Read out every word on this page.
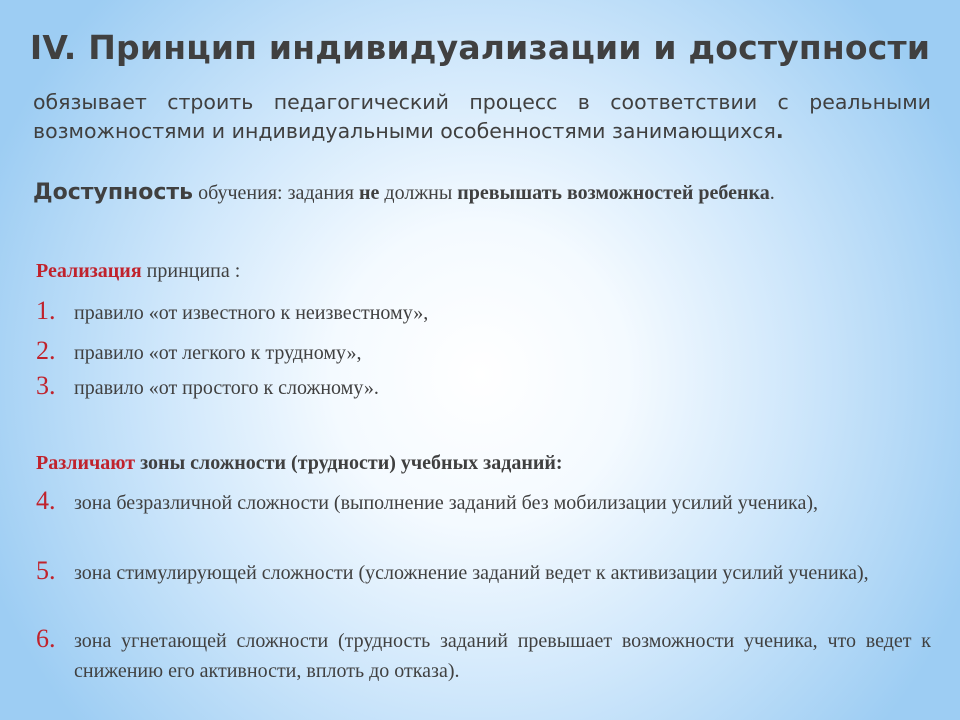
IV. Принцип индивидуализации и доступности
обязывает строить педагогический процесс в соответствии с реальными возможностями и индивидуальными особенностями занимающихся.
Доступность обучения: задания не должны превышать возможностей ребенка.
Реализация принципа :
1. правило «от известного к неизвестному»,
2. правило «от легкого к трудному»,
3. правило «от простого к сложному».
Различают зоны сложности (трудности) учебных заданий:
4. зона безразличной сложности (выполнение заданий без мобилизации усилий ученика),
5. зона стимулирующей сложности (усложнение заданий ведет к активизации усилий ученика),
6. зона угнетающей сложности (трудность заданий превышает возможности ученика, что ведет к снижению его активности, вплоть до отказа).
